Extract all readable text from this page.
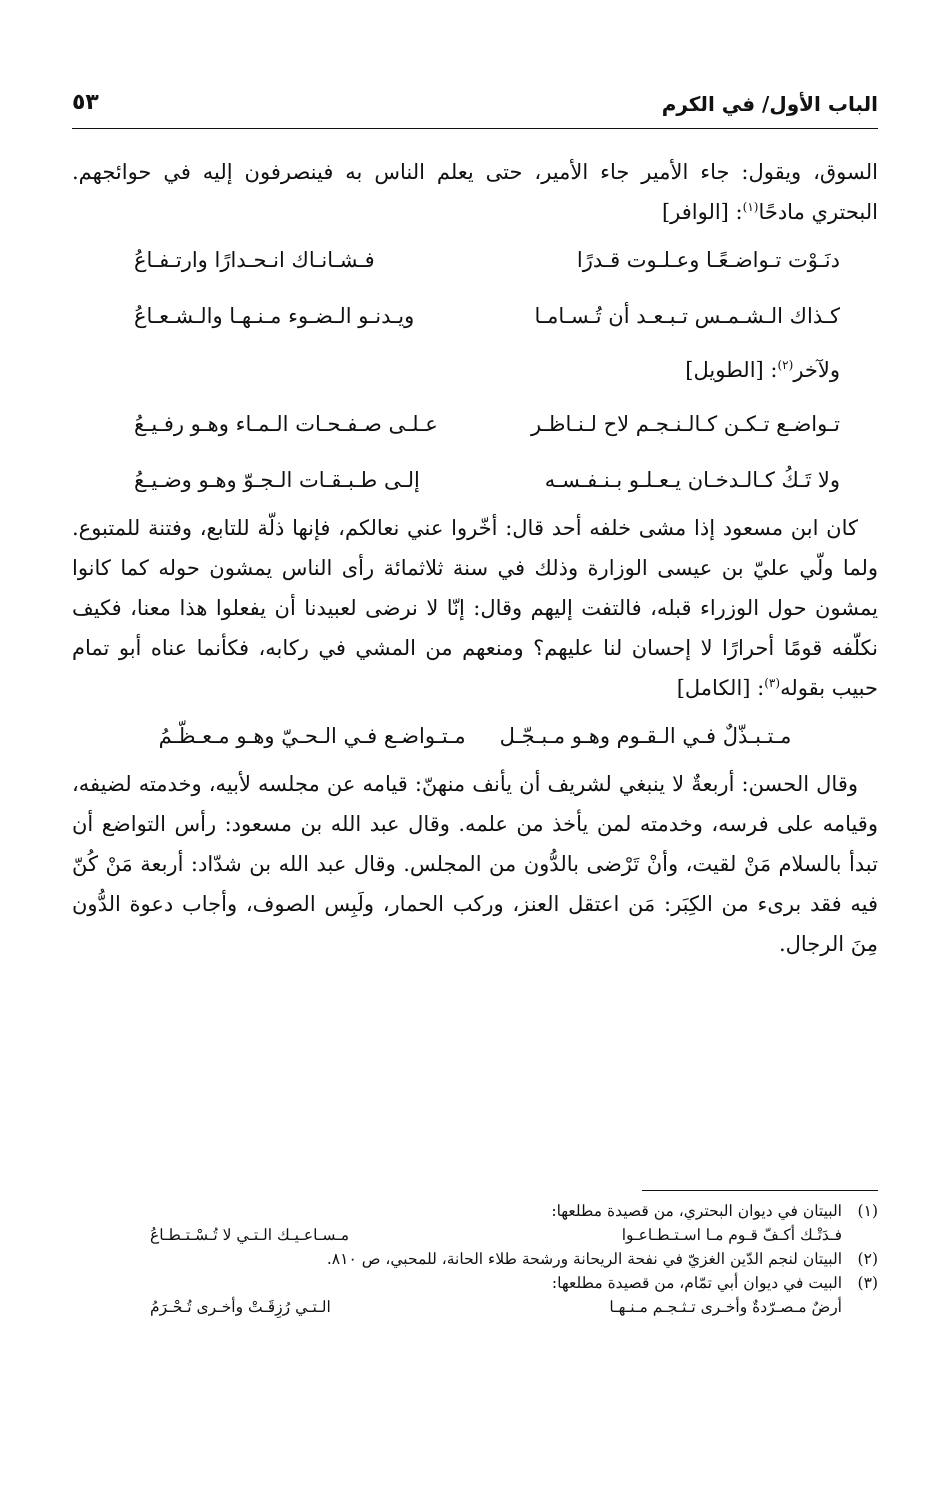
الباب الأول/ في الكرم
٥٣

السوق، ويقول: جاء الأمير جاء الأمير، حتى يعلم الناس به فينصرفون إليه في حوائجهم. البحتري مادحًا$^{(١)}$: [الوافر]

دنَـوْت تـواضـعًـا وعـلـوت قـدرًا
فـشـانـاك انـحـدارًا وارتـفـاعُ
كـذاك الـشـمـس تـبـعـد أن تُـسـامـا
ويـدنـو الـضـوء مـنـهـا والـشـعـاعُ
ولآخر$^{(٢)}$: [الطويل]
تـواضـع تـكـن كـالـنـجـم لاح لـنـاظـر
عـلـى صـفـحـات الـمـاء وهـو رفـيـعُ
ولا تَـكُ كـالـدخـان يـعـلـو بـنـفـسـه
إلـى طـبـقـات الـجـوّ وهـو وضـيـعُ

كان ابن مسعود إذا مشى خلفه أحد قال: أخّروا عني نعالكم، فإنها ذلّة للتابع، وفتنة للمتبوع. ولما ولّي عليّ بن عيسى الوزارة وذلك في سنة ثلاثمائة رأى الناس يمشون حوله كما كانوا يمشون حول الوزراء قبله، فالتفت إليهم وقال: إنّا لا نرضى لعبيدنا أن يفعلوا هذا معنا، فكيف نكلّفه قومًا أحرارًا لا إحسان لنا عليهم؟ ومنعهم من المشي في ركابه، فكأنما عناه أبو تمام حبيب بقوله$^{(٣)}$: [الكامل]

مـتـبـذّلٌ فـي الـقـوم وهـو مـبـجّـل
مـتـواضـع فـي الـحـيّ وهـو مـعـظّـمُ

وقال الحسن: أربعةٌ لا ينبغي لشريف أن يأنف منهنّ: قيامه عن مجلسه لأبيه، وخدمته لضيفه، وقيامه على فرسه، وخدمته لمن يأخذ من علمه. وقال عبد الله بن مسعود: رأس التواضع أن تبدأ بالسلام مَنْ لقيت، وأنْ تَرْضى بالدُّون من المجلس. وقال عبد الله بن شدّاد: أربعة مَنْ كُنّ فيه فقد برىء من الكِبَر: مَن اعتقل العنز، وركب الحمار، ولَبِس الصوف، وأجاب دعوة الدُّون مِنَ الرجال.

(١)البيتان في ديوان البحتري، من قصيدة مطلعها:
فـدَتْـك أكـفّ قـوم مـا اسـتـطـاعـوا
مـسـاعـيـك الـتـي لا تُـسْـتـطـاعُ
(٢)البيتان لنجم الدّين الغزيّ في نفحة الريحانة ورشحة طلاء الحانة، للمحبي، ص ٨١٠.
(٣)البيت في ديوان أبي تمّام، من قصيدة مطلعها:
أرضٌ مـصـرّدةٌ وأخـرى تـثـجـم مـنـهـا
الـتـي رُزِقَـتْ وأخـرى تُـحْـرَمُ
